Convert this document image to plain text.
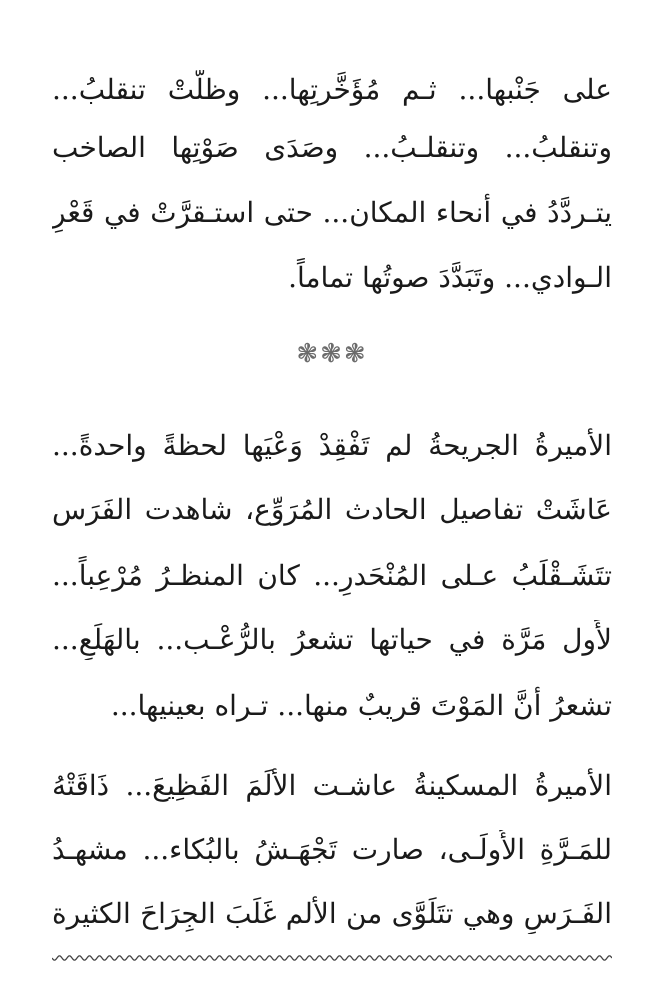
على جَنْبها... ثـم مُؤَخَّرتِها... وظلَّتْ تنقلبُ...
وتنقلبُ... وتنقلـبُ... وصَدَى صَوْتِها الصاخب
يتـردَّدُ في أنحاء المكان... حتى استـقرَّتْ في قَعْرِ
الـوادي... وتَبَدَّدَ صوتُها تماماً.
❃❃❃
الأميرةُ الجريحةُ لم تَفْقِدْ وَعْيَها لحظةً واحدةً...
عَاشَتْ تفاصيل الحادث المُرَوِّع، شاهدت الفَرَس
تتَشَـقْلَبُ عـلى المُنْحَدرِ... كان المنظـرُ مُرْعِباً...
لأَول مَرَّة في حياتها تشعرُ بالرُّعْـب... بالهَلَعِ...
تشعرُ أنَّ المَوْتَ قريبٌ منها... تـراه بعينيها...
الأميرةُ المسكينةُ عاشـت الألَمَ الفَظِيعَ... ذَاقَتْهُ
للمَـرَّةِ الأُولَـى، صارت تَجْهَـشُ بالبُكاء... مشهـدُ
الفَـرَسِ وهي تتَلَوَّى من الألم غَلَبَ الجِرَاحَ الكثيرة
